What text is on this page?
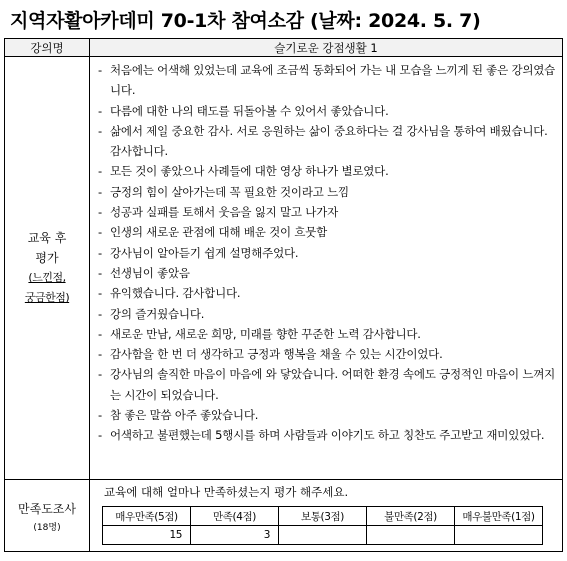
지역자활아카데미 70-1차 참여소감 (날짜: 2024. 5. 7)
강의명	슬기로운 강점생활 1

교육 후
평가
(느낀점,
궁금한점)

- 처음에는 어색해 있었는데 교육에 조금씩 동화되어 가는 내 모습을 느끼게 된 좋은 강의였습니다.
- 다름에 대한 나의 태도를 뒤돌아볼 수 있어서 좋았습니다.
- 삶에서 제일 중요한 감사. 서로 응원하는 삶이 중요하다는 걸 강사님을 통하여 배웠습니다. 감사합니다.
- 모든 것이 좋았으나 사례들에 대한 영상 하나가 별로였다.
- 긍정의 힘이 살아가는데 꼭 필요한 것이라고 느낌
- 성공과 실패를 토해서 웃음을 잃지 말고 나가자
- 인생의 새로운 관점에 대해 배운 것이 흐뭇함
- 강사님이 알아듣기 쉽게 설명해주었다.
- 선생님이 좋았음
- 유익했습니다. 감사합니다.
- 강의 즐거웠습니다.
- 새로운 만남, 새로운 희망, 미래를 향한 꾸준한 노력 감사합니다.
- 감사함을 한 번 더 생각하고 긍정과 행복을 채울 수 있는 시간이었다.
- 강사님의 솔직한 마음이 마음에 와 닿았습니다. 어떠한 환경 속에도 긍정적인 마음이 느껴지는 시간이 되었습니다.
- 참 좋은 말씀 아주 좋았습니다.
- 어색하고 불편했는데 5행시를 하며 사람들과 이야기도 하고 칭찬도 주고받고 재미있었다.

만족도조사
(18명)

교육에 대해 얼마나 만족하셨는지 평가 해주세요.
매우만족(5점)	만족(4점)	보통(3점)	불만족(2점)	매우불만족(1점)
15	3			
